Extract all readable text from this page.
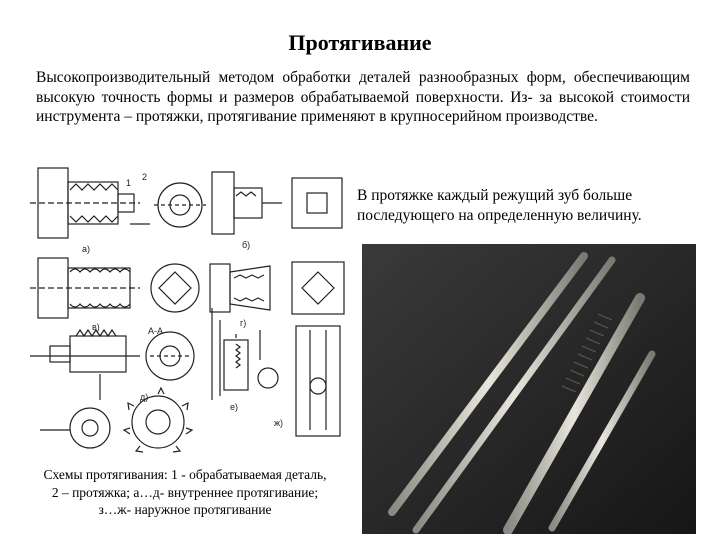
Протягивание
Высокопроизводительный методом обработки деталей разнообразных форм, обеспечивающим высокую точность формы и размеров обрабатываемой поверхности. Из- за высокой стоимости инструмента – протяжки, протягивание применяют в крупносерийном производстве.
В протяжке каждый режущий зуб больше последующего на определенную величину.
а)	б)
в)	г)
д)
е)
ж)
А-А
1
2
Схемы протягивания: 1 - обрабатываемая деталь,
2 – протяжка; а…д- внутреннее протягивание;
з…ж- наружное протягивание
